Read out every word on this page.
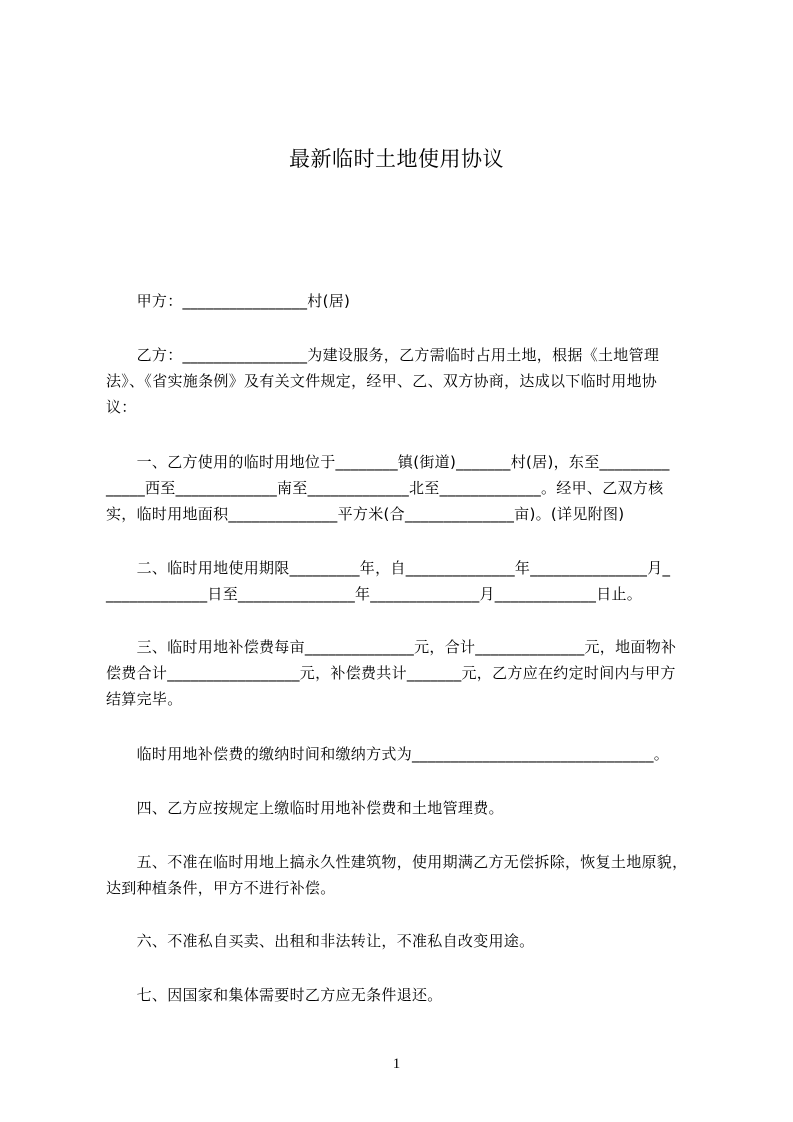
最新临时土地使用协议
　　甲方：________________村(居)
　　乙方：________________为建设服务，乙方需临时占用土地，根据《土地管理
法》、《省实施条例》及有关文件规定，经甲、乙、双方协商，达成以下临时用地协
议：
　　一、乙方使用的临时用地位于________镇(街道)_______村(居)，东至_________
_____西至_____________南至_____________北至_____________。经甲、乙双方核
实，临时用地面积______________平方米(合______________亩)。(详见附图)
　　二、临时用地使用期限_________年，自______________年_______________月_
_____________日至_______________年______________月_____________日止。
　　三、临时用地补偿费每亩______________元，合计______________元，地面物补
偿费合计_________________元，补偿费共计_______元，乙方应在约定时间内与甲方
结算完毕。
　　临时用地补偿费的缴纳时间和缴纳方式为_______________________________。
　　四、乙方应按规定上缴临时用地补偿费和土地管理费。
　　五、不准在临时用地上搞永久性建筑物，使用期满乙方无偿拆除，恢复土地原貌，
达到种植条件，甲方不进行补偿。
　　六、不准私自买卖、出租和非法转让，不准私自改变用途。
　　七、因国家和集体需要时乙方应无条件退还。
1
